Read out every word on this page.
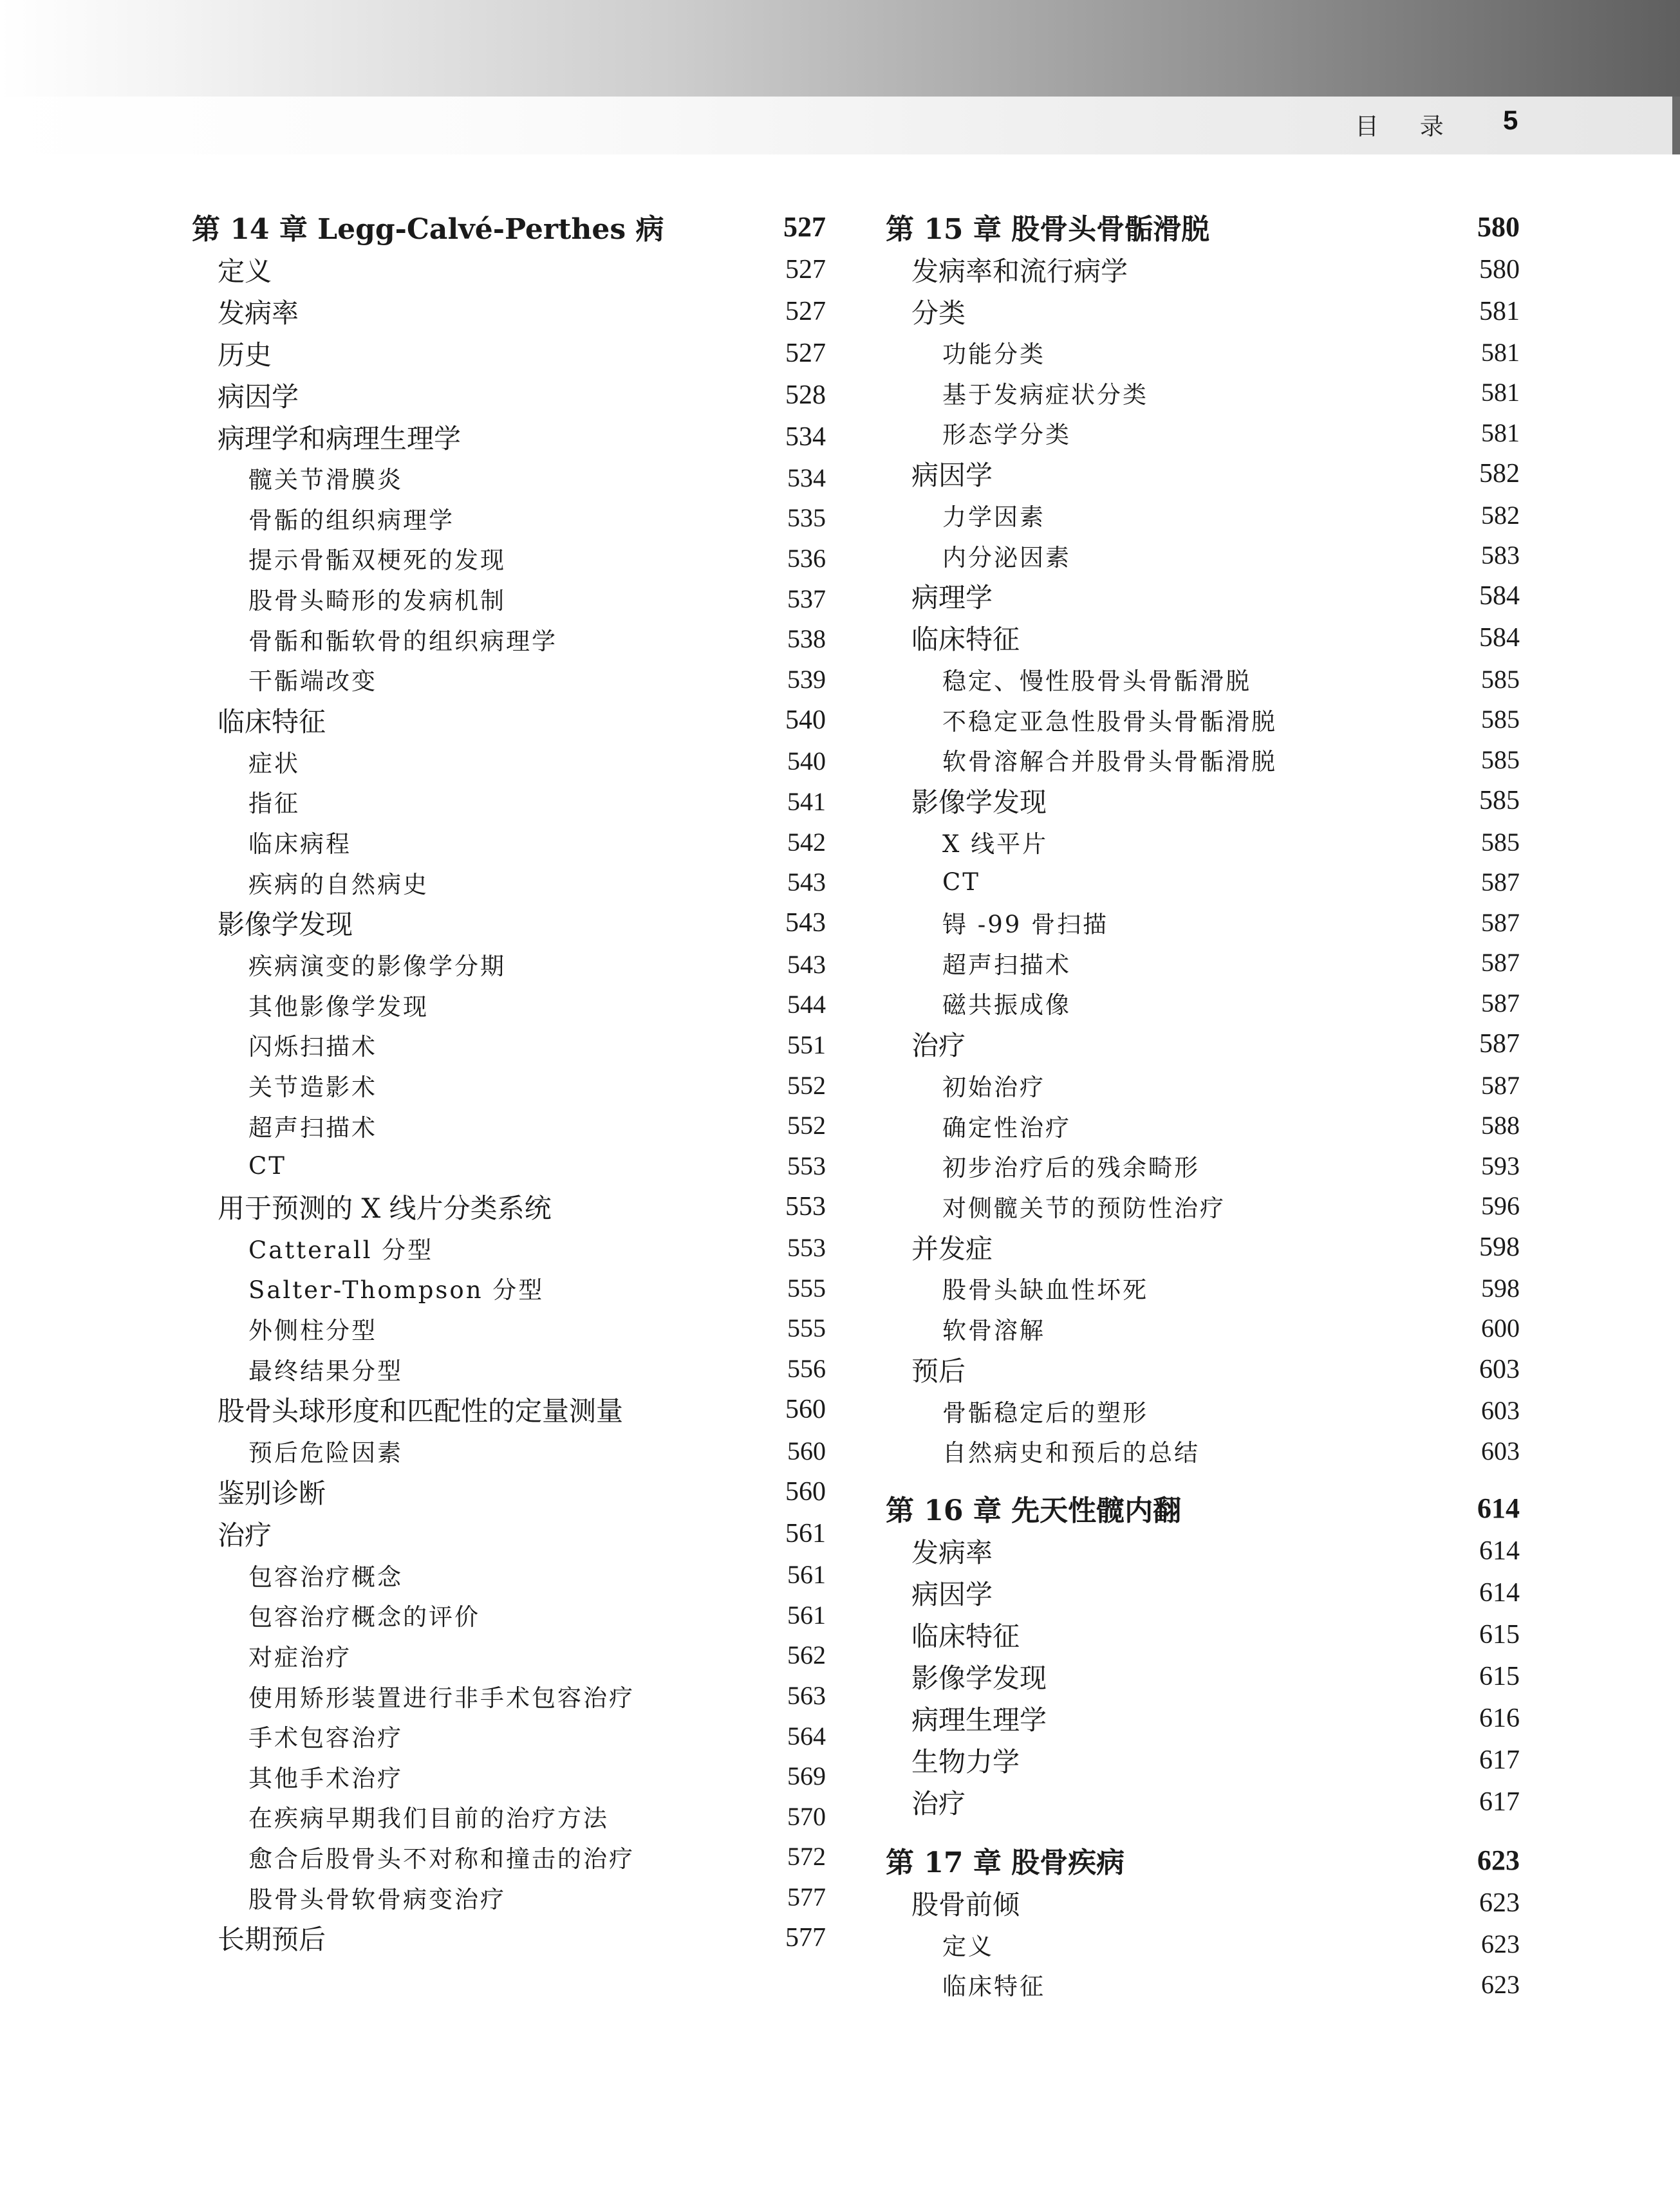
目 录 5
第 14 章 Legg-Calvé-Perthes 病	527
定义	527
发病率	527
历史	527
病因学	528
病理学和病理生理学	534
髋关节滑膜炎	534
骨骺的组织病理学	535
提示骨骺双梗死的发现	536
股骨头畸形的发病机制	537
骨骺和骺软骨的组织病理学	538
干骺端改变	539
临床特征	540
症状	540
指征	541
临床病程	542
疾病的自然病史	543
影像学发现	543
疾病演变的影像学分期	543
其他影像学发现	544
闪烁扫描术	551
关节造影术	552
超声扫描术	552
CT	553
用于预测的 X 线片分类系统	553
Catterall 分型	553
Salter-Thompson 分型	555
外侧柱分型	555
最终结果分型	556
股骨头球形度和匹配性的定量测量	560
预后危险因素	560
鉴别诊断	560
治疗	561
包容治疗概念	561
包容治疗概念的评价	561
对症治疗	562
使用矫形装置进行非手术包容治疗	563
手术包容治疗	564
其他手术治疗	569
在疾病早期我们目前的治疗方法	570
愈合后股骨头不对称和撞击的治疗	572
股骨头骨软骨病变治疗	577
长期预后	577
第 15 章 股骨头骨骺滑脱	580
发病率和流行病学	580
分类	581
功能分类	581
基于发病症状分类	581
形态学分类	581
病因学	582
力学因素	582
内分泌因素	583
病理学	584
临床特征	584
稳定、慢性股骨头骨骺滑脱	585
不稳定亚急性股骨头骨骺滑脱	585
软骨溶解合并股骨头骨骺滑脱	585
影像学发现	585
X 线平片	585
CT	587
锝 -99 骨扫描	587
超声扫描术	587
磁共振成像	587
治疗	587
初始治疗	587
确定性治疗	588
初步治疗后的残余畸形	593
对侧髋关节的预防性治疗	596
并发症	598
股骨头缺血性坏死	598
软骨溶解	600
预后	603
骨骺稳定后的塑形	603
自然病史和预后的总结	603
第 16 章 先天性髋内翻	614
发病率	614
病因学	614
临床特征	615
影像学发现	615
病理生理学	616
生物力学	617
治疗	617
第 17 章 股骨疾病	623
股骨前倾	623
定义	623
临床特征	623
